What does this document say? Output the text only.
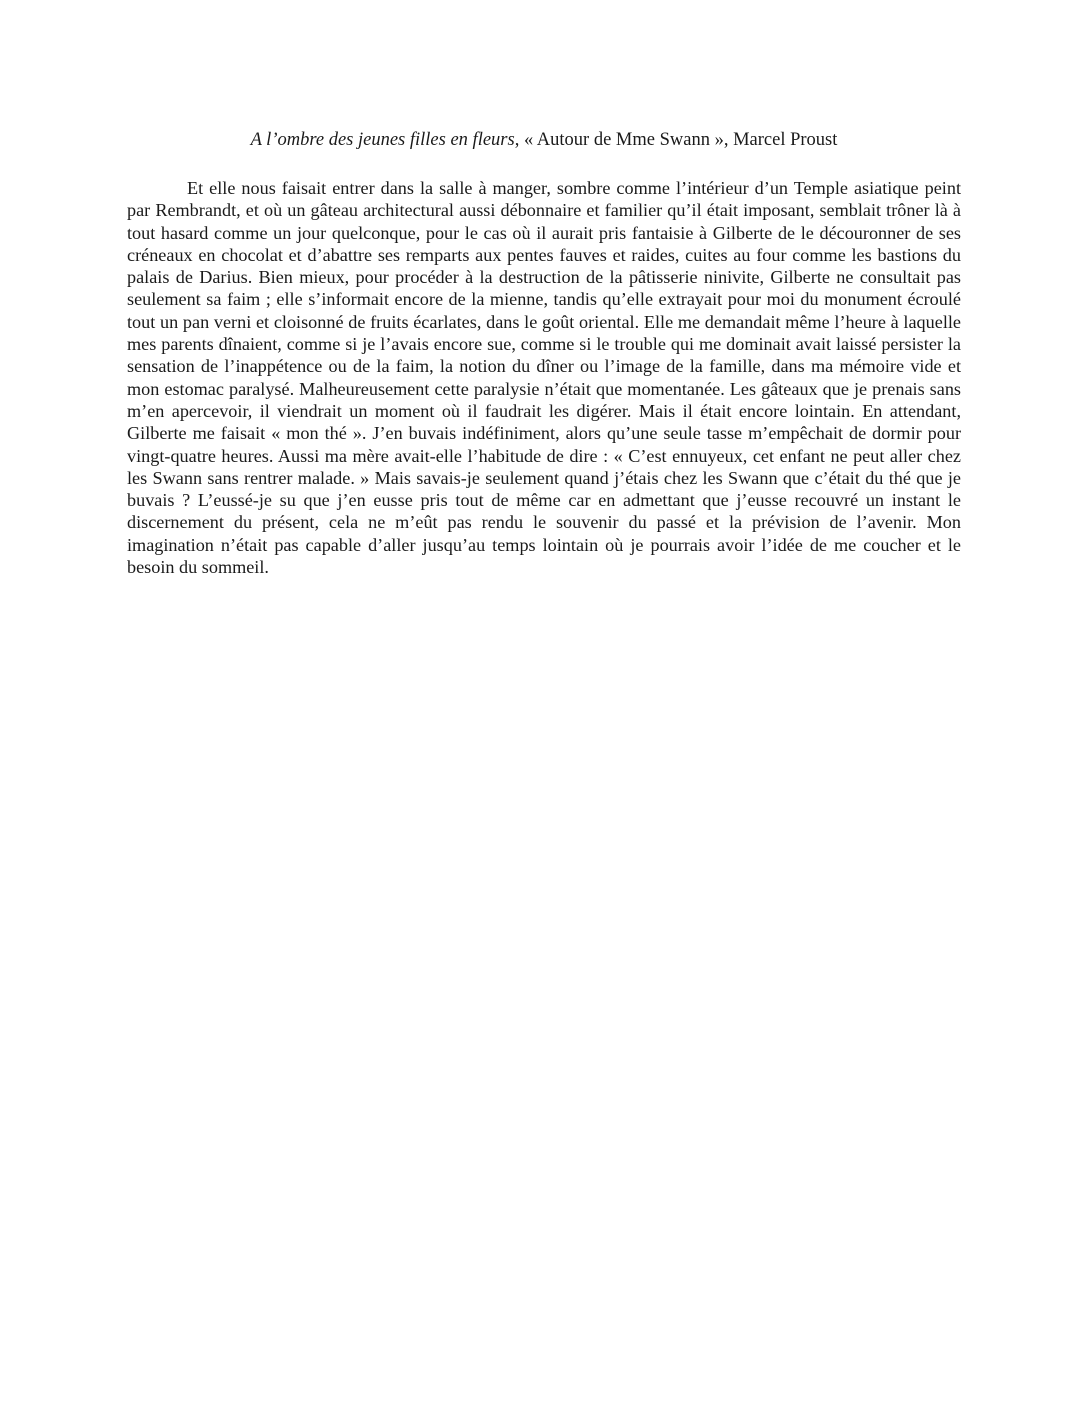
A l’ombre des jeunes filles en fleurs, « Autour de Mme Swann », Marcel Proust

Et elle nous faisait entrer dans la salle à manger, sombre comme l’intérieur d’un Temple asiatique peint par Rembrandt, et où un gâteau architectural aussi débonnaire et familier qu’il était imposant, semblait trôner là à tout hasard comme un jour quelconque, pour le cas où il aurait pris fantaisie à Gilberte de le découronner de ses créneaux en chocolat et d’abattre ses remparts aux pentes fauves et raides, cuites au four comme les bastions du palais de Darius. Bien mieux, pour procéder à la destruction de la pâtisserie ninivite, Gilberte ne consultait pas seulement sa faim ; elle s’informait encore de la mienne, tandis qu’elle extrayait pour moi du monument écroulé tout un pan verni et cloisonné de fruits écarlates, dans le goût oriental. Elle me demandait même l’heure à laquelle mes parents dînaient, comme si je l’avais encore sue, comme si le trouble qui me dominait avait laissé persister la sensation de l’inappétence ou de la faim, la notion du dîner ou l’image de la famille, dans ma mémoire vide et mon estomac paralysé. Malheureusement cette paralysie n’était que momentanée. Les gâteaux que je prenais sans m’en apercevoir, il viendrait un moment où il faudrait les digérer. Mais il était encore lointain. En attendant, Gilberte me faisait « mon thé ». J’en buvais indéfiniment, alors qu’une seule tasse m’empêchait de dormir pour vingt-quatre heures. Aussi ma mère avait-elle l’habitude de dire : « C’est ennuyeux, cet enfant ne peut aller chez les Swann sans rentrer malade. » Mais savais-je seulement quand j’étais chez les Swann que c’était du thé que je buvais ? L’eussé-je su que j’en eusse pris tout de même car en admettant que j’eusse recouvré un instant le discernement du présent, cela ne m’eût pas rendu le souvenir du passé et la prévision de l’avenir. Mon imagination n’était pas capable d’aller jusqu’au temps lointain où je pourrais avoir l’idée de me coucher et le besoin du sommeil.
